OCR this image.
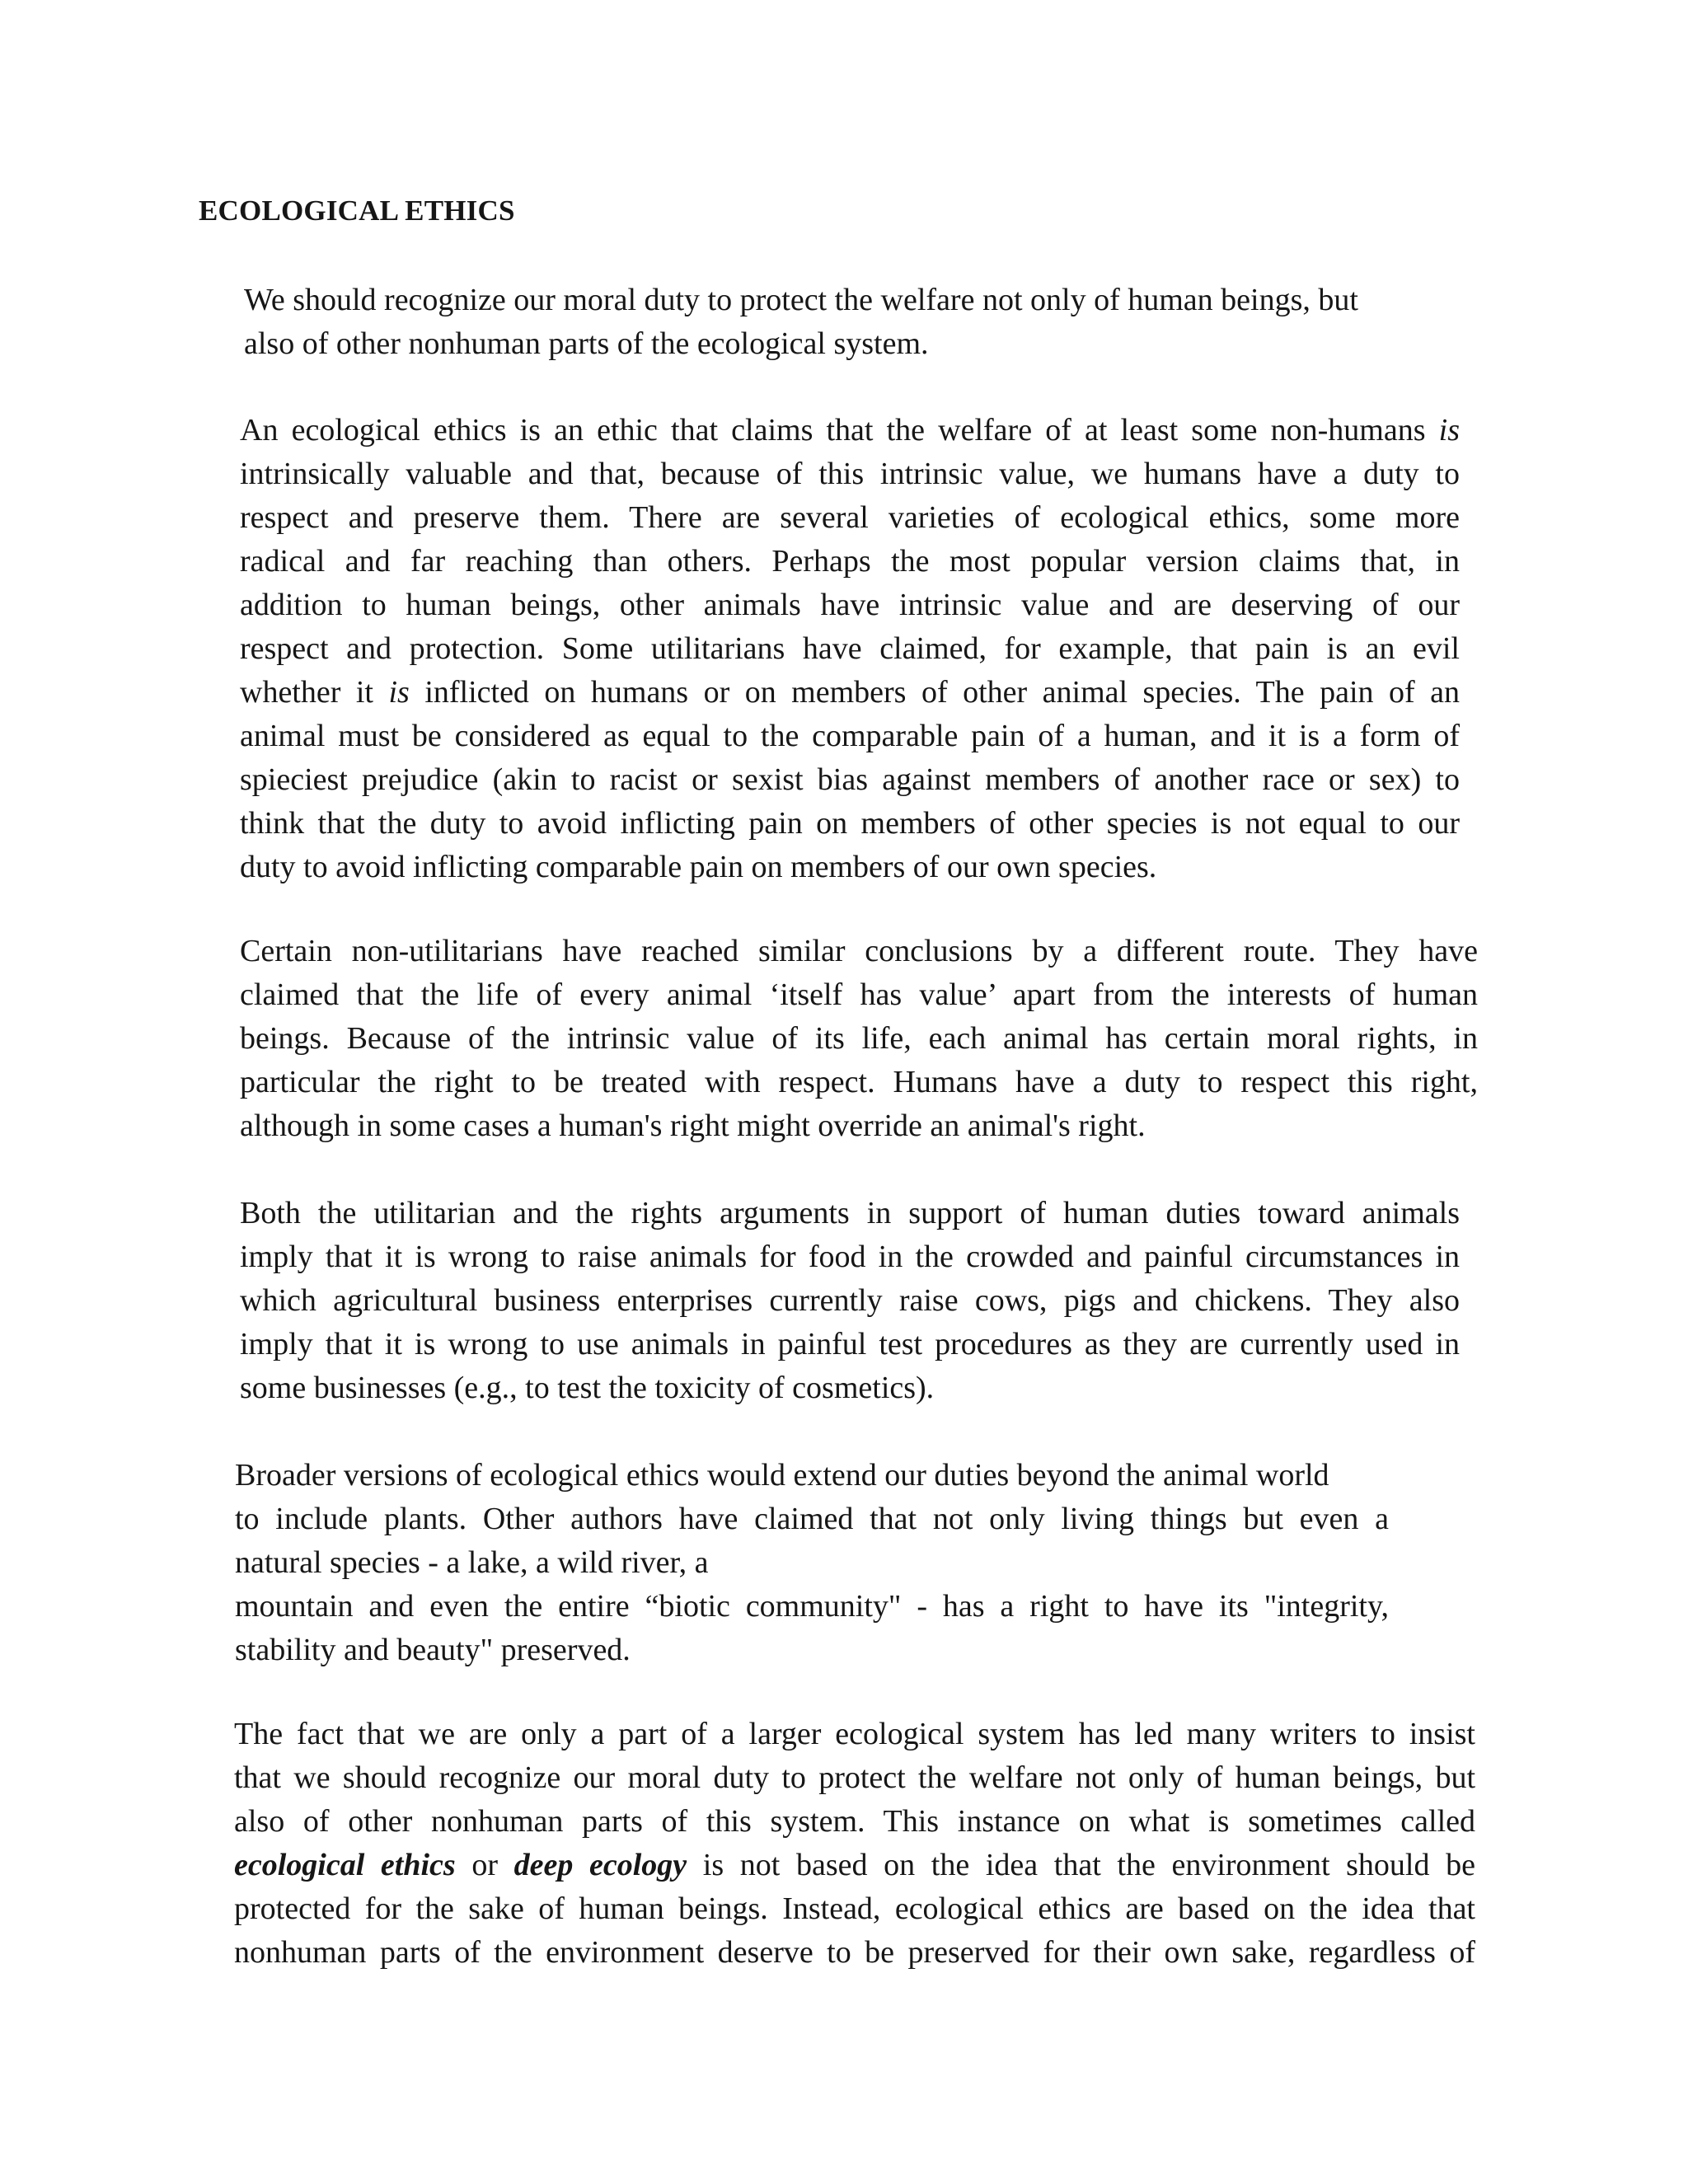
ECOLOGICAL ETHICS
We should recognize our moral duty to protect the welfare not only of human beings, but
also of other nonhuman parts of the ecological system.
An ecological ethics is an ethic that claims that the welfare of at least some non-humans is
intrinsically valuable and that, because of this intrinsic value, we humans have a duty to
respect and preserve them. There are several varieties of ecological ethics, some more
radical and far reaching than others. Perhaps the most popular version claims that, in
addition to human beings, other animals have intrinsic value and are deserving of our
respect and protection. Some utilitarians have claimed, for example, that pain is an evil
whether it is inflicted on humans or on members of other animal species. The pain of an
animal must be considered as equal to the comparable pain of a human, and it is a form of
spieciest prejudice (akin to racist or sexist bias against members of another race or sex) to
think that the duty to avoid inflicting pain on members of other species is not equal to our
duty to avoid inflicting comparable pain on members of our own species.
Certain non-utilitarians have reached similar conclusions by a different route. They have
claimed that the life of every animal ‘itself has value’ apart from the interests of human
beings. Because of the intrinsic value of its life, each animal has certain moral rights, in
particular the right to be treated with respect. Humans have a duty to respect this right,
although in some cases a human's right might override an animal's right.
Both the utilitarian and the rights arguments in support of human duties toward animals
imply that it is wrong to raise animals for food in the crowded and painful circumstances in
which agricultural business enterprises currently raise cows, pigs and chickens. They also
imply that it is wrong to use animals in painful test procedures as they are currently used in
some businesses (e.g., to test the toxicity of cosmetics).
Broader versions of ecological ethics would extend our duties beyond the animal world
to include plants. Other authors have claimed that not only living things but even a
natural species - a lake, a wild river, a
mountain and even the entire “biotic community" - has a right to have its "integrity,
stability and beauty" preserved.
The fact that we are only a part of a larger ecological system has led many writers to insist
that we should recognize our moral duty to protect the welfare not only of human beings, but
also of other nonhuman parts of this system. This instance on what is sometimes called
ecological ethics or deep ecology is not based on the idea that the environment should be
protected for the sake of human beings. Instead, ecological ethics are based on the idea that
nonhuman parts of the environment deserve to be preserved for their own sake, regardless of
